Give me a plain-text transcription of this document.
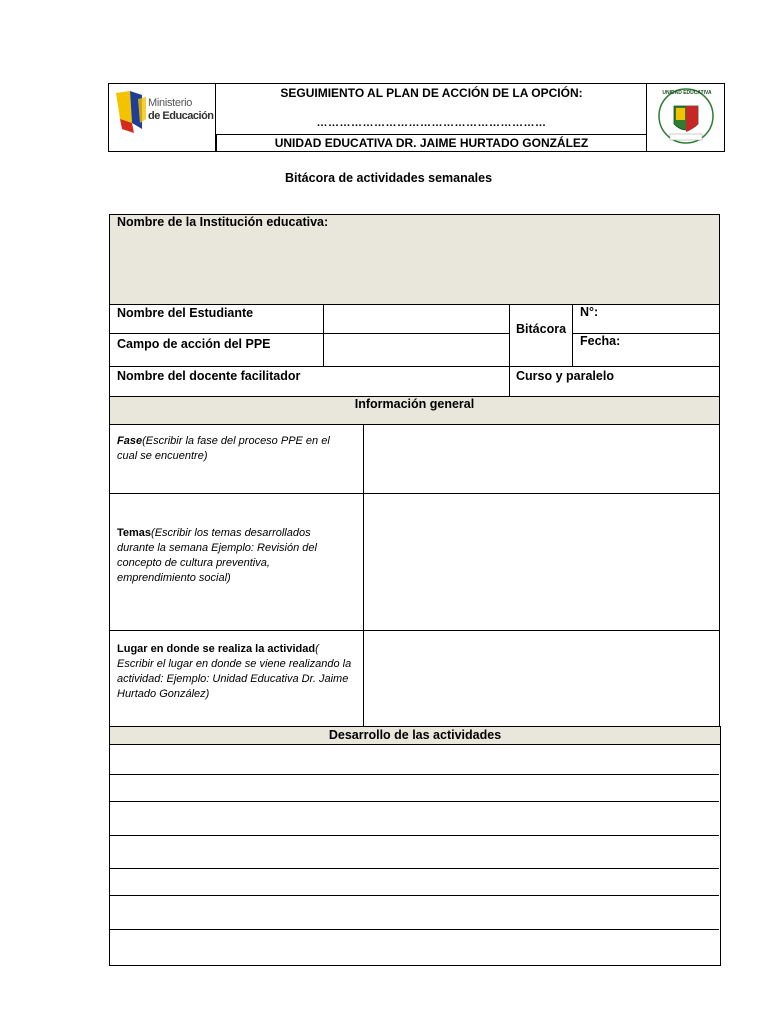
Ministerio
de Educación
SEGUIMIENTO AL PLAN DE ACCIÓN DE LA OPCIÓN:
……………………………………………………
UNIDAD EDUCATIVA DR. JAIME HURTADO GONZÁLEZ
UNIDAD EDUCATIVA
Bitácora de actividades semanales
Nombre de la Institución educativa:
Nombre del Estudiante
Campo de acción del PPE
Bitácora
N°:
Fecha:
Nombre del docente facilitador	Curso y paralelo
Información general
Fase(Escribir la fase del proceso PPE en el cual se encuentre)
Temas(Escribir los temas desarrollados durante la semana Ejemplo: Revisión del concepto de cultura preventiva, emprendimiento social)
Lugar en donde se realiza la actividad( Escribir el lugar en donde se viene realizando la actividad: Ejemplo: Unidad Educativa Dr. Jaime Hurtado González)
Desarrollo de las actividades
